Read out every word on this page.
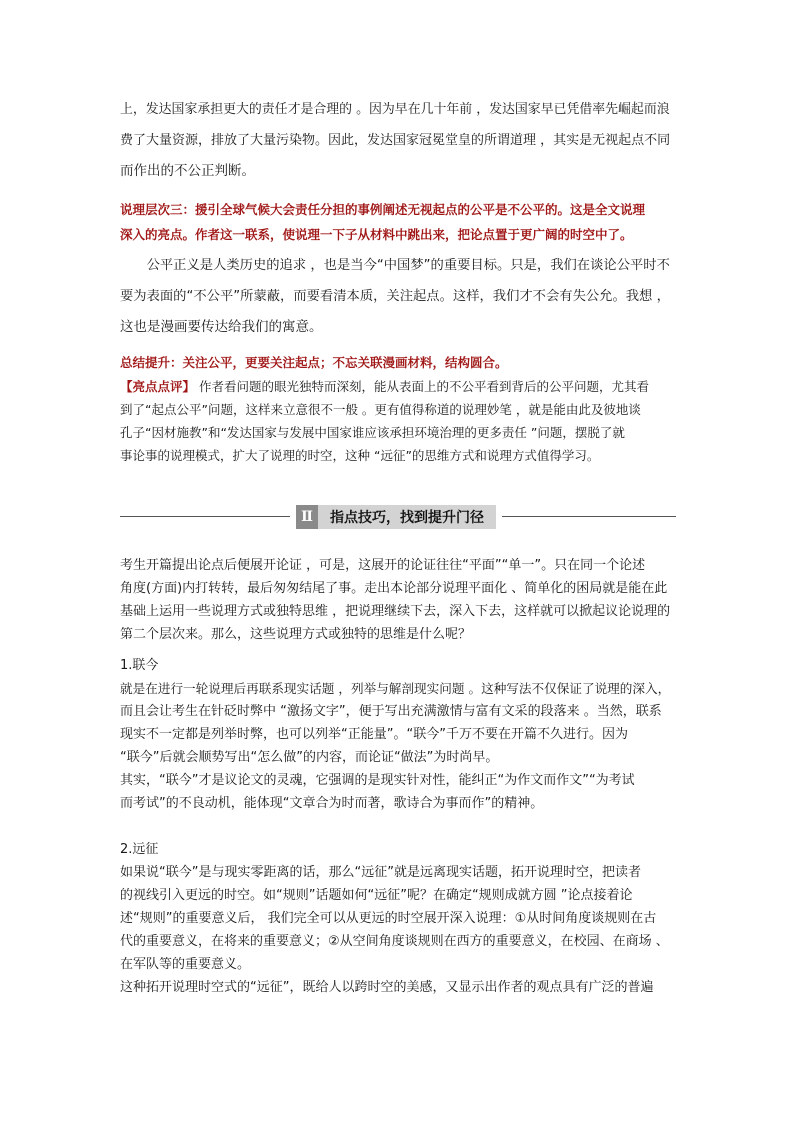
上，发达国家承担更大的责任才是合理的 。因为早在几十年前 ，发达国家早已凭借率先崛起而浪
费了大量资源，排放了大量污染物。因此，发达国家冠冕堂皇的所谓道理 ，其实是无视起点不同
而作出的不公正判断。
说理层次三：援引全球气候大会责任分担的事例阐述无视起点的公平是不公平的。这是全文说理
深入的亮点。作者这一联系，使说理一下子从材料中跳出来，把论点置于更广阔的时空中了。
　　公平正义是人类历史的追求 ，也是当今“中国梦”的重要目标。只是，我们在谈论公平时不
要为表面的“不公平”所蒙蔽，而要看清本质，关注起点。这样，我们才不会有失公允。我想 ，
这也是漫画要传达给我们的寓意。
总结提升：关注公平，更要关注起点；不忘关联漫画材料，结构圆合。
【亮点点评】 作者看问题的眼光独特而深刻，能从表面上的不公平看到背后的公平问题，尤其看
到了“起点公平”问题，这样来立意很不一般 。更有值得称道的说理妙笔 ，就是能由此及彼地谈
孔子“因材施教”和“发达国家与发展中国家谁应该承担环境治理的更多责任 ”问题，摆脱了就
事论事的说理模式，扩大了说理的时空，这种 “远征”的思维方式和说理方式值得学习。
Ⅱ	指点技巧，找到提升门径
考生开篇提出论点后便展开论证 ，可是，这展开的论证往往“平面”“单一”。只在同一个论述
角度(方面)内打转转，最后匆匆结尾了事。走出本论部分说理平面化 、简单化的困局就是能在此
基础上运用一些说理方式或独特思维 ，把说理继续下去，深入下去，这样就可以掀起议论说理的
第二个层次来。那么，这些说理方式或独特的思维是什么呢？
1.联今
就是在进行一轮说理后再联系现实话题 ，列举与解剖现实问题 。这种写法不仅保证了说理的深入，
而且会让考生在针砭时弊中 “激扬文字”，便于写出充满激情与富有文采的段落来 。当然，联系
现实不一定都是列举时弊，也可以列举“正能量”。“联今”千万不要在开篇不久进行。因为
“联今”后就会顺势写出“怎么做”的内容，而论证“做法”为时尚早。
其实，“联今”才是议论文的灵魂，它强调的是现实针对性，能纠正“为作文而作文”“为考试
而考试”的不良动机，能体现“文章合为时而著，歌诗合为事而作”的精神。
2.远征
如果说“联今”是与现实零距离的话，那么“远征”就是远离现实话题，拓开说理时空，把读者
的视线引入更远的时空。如“规则”话题如何“远征”呢？在确定“规则成就方圆 ”论点接着论
述“规则”的重要意义后， 我们完全可以从更远的时空展开深入说理：①从时间角度谈规则在古
代的重要意义，在将来的重要意义；②从空间角度谈规则在西方的重要意义，在校园、在商场 、
在军队等的重要意义。
这种拓开说理时空式的“远征”，既给人以跨时空的美感，又显示出作者的观点具有广泛的普遍
